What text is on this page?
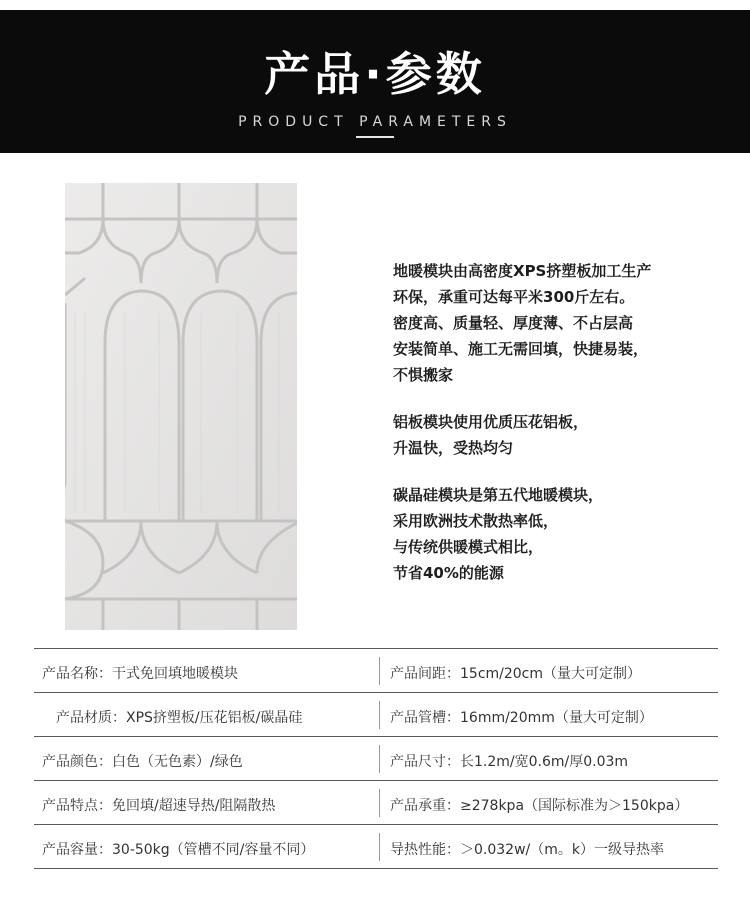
产品·参数
PRODUCT PARAMETERS
地暖模块由高密度XPS挤塑板加工生产
环保，承重可达每平米300斤左右。
密度高、质量轻、厚度薄、不占层高
安装简单、施工无需回填，快捷易装，
不惧搬家
铝板模块使用优质压花铝板，
升温快，受热均匀
碳晶硅模块是第五代地暖模块，
采用欧洲技术散热率低，
与传统供暖模式相比，
节省40%的能源
产品名称：干式免回填地暖模块	产品间距：15cm/20cm（量大可定制）
产品材质：XPS挤塑板/压花铝板/碳晶硅	产品管槽：16mm/20mm（量大可定制）
产品颜色：白色（无色素）/绿色	产品尺寸：长1.2m/宽0.6m/厚0.03m
产品特点：免回填/超速导热/阻隔散热	产品承重：≥278kpa（国际标准为＞150kpa）
产品容量：30-50kg（管槽不同/容量不同）	导热性能：＞0.032w/（m。k）一级导热率
